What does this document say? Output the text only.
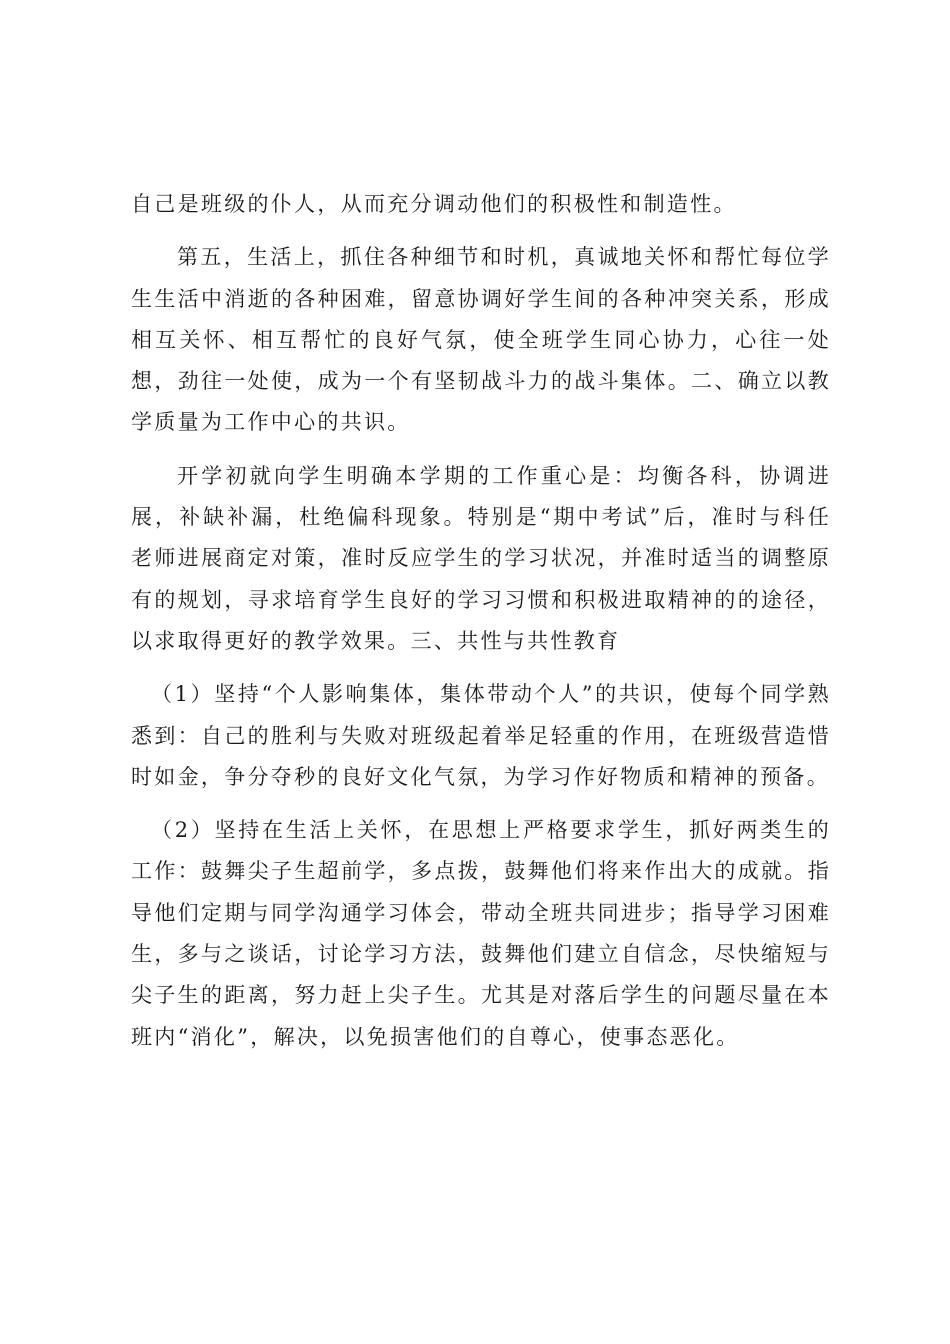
自己是班级的仆人，从而充分调动他们的积极性和制造性。

第五，生活上，抓住各种细节和时机，真诚地关怀和帮忙每位学生生活中消逝的各种困难，留意协调好学生间的各种冲突关系，形成相互关怀、相互帮忙的良好气氛，使全班学生同心协力，心往一处想，劲往一处使，成为一个有坚韧战斗力的战斗集体。二、确立以教学质量为工作中心的共识。

开学初就向学生明确本学期的工作重心是：均衡各科，协调进展，补缺补漏，杜绝偏科现象。特别是“期中考试”后，准时与科任老师进展商定对策，准时反应学生的学习状况，并准时适当的调整原有的规划，寻求培育学生良好的学习习惯和积极进取精神的的途径，以求取得更好的教学效果。三、共性与共性教育

（1）坚持“个人影响集体，集体带动个人”的共识，使每个同学熟悉到：自己的胜利与失败对班级起着举足轻重的作用，在班级营造惜时如金，争分夺秒的良好文化气氛，为学习作好物质和精神的预备。

（2）坚持在生活上关怀，在思想上严格要求学生，抓好两类生的工作：鼓舞尖子生超前学，多点拨，鼓舞他们将来作出大的成就。指导他们定期与同学沟通学习体会，带动全班共同进步；指导学习困难生，多与之谈话，讨论学习方法，鼓舞他们建立自信念，尽快缩短与尖子生的距离，努力赶上尖子生。尤其是对落后学生的问题尽量在本班内“消化”，解决，以免损害他们的自尊心，使事态恶化。
